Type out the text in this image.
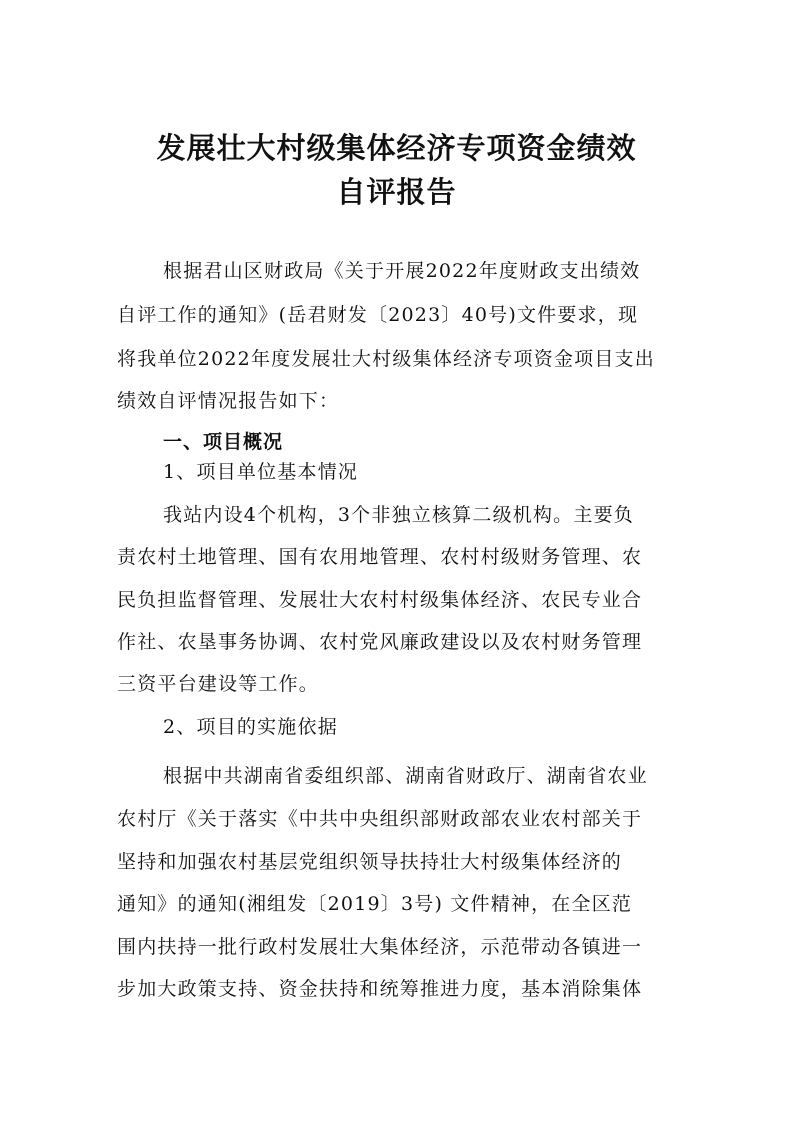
发展壮大村级集体经济专项资金绩效
自评报告
根据君山区财政局《关于开展2022年度财政支出绩效
自评工作的通知》(岳君财发〔2023〕40号)文件要求，现
将我单位2022年度发展壮大村级集体经济专项资金项目支出
绩效自评情况报告如下：
一、项目概况
1、项目单位基本情况
我站内设4个机构，3个非独立核算二级机构。主要负
责农村土地管理、国有农用地管理、农村村级财务管理、农
民负担监督管理、发展壮大农村村级集体经济、农民专业合
作社、农垦事务协调、农村党风廉政建设以及农村财务管理
三资平台建设等工作。
2、项目的实施依据
根据中共湖南省委组织部、湖南省财政厅、湖南省农业
农村厅《关于落实《中共中央组织部财政部农业农村部关于
坚持和加强农村基层党组织领导扶持壮大村级集体经济的
通知》的通知(湘组发〔2019〕3号) 文件精神，在全区范
围内扶持一批行政村发展壮大集体经济，示范带动各镇进一
步加大政策支持、资金扶持和统筹推进力度，基本消除集体
